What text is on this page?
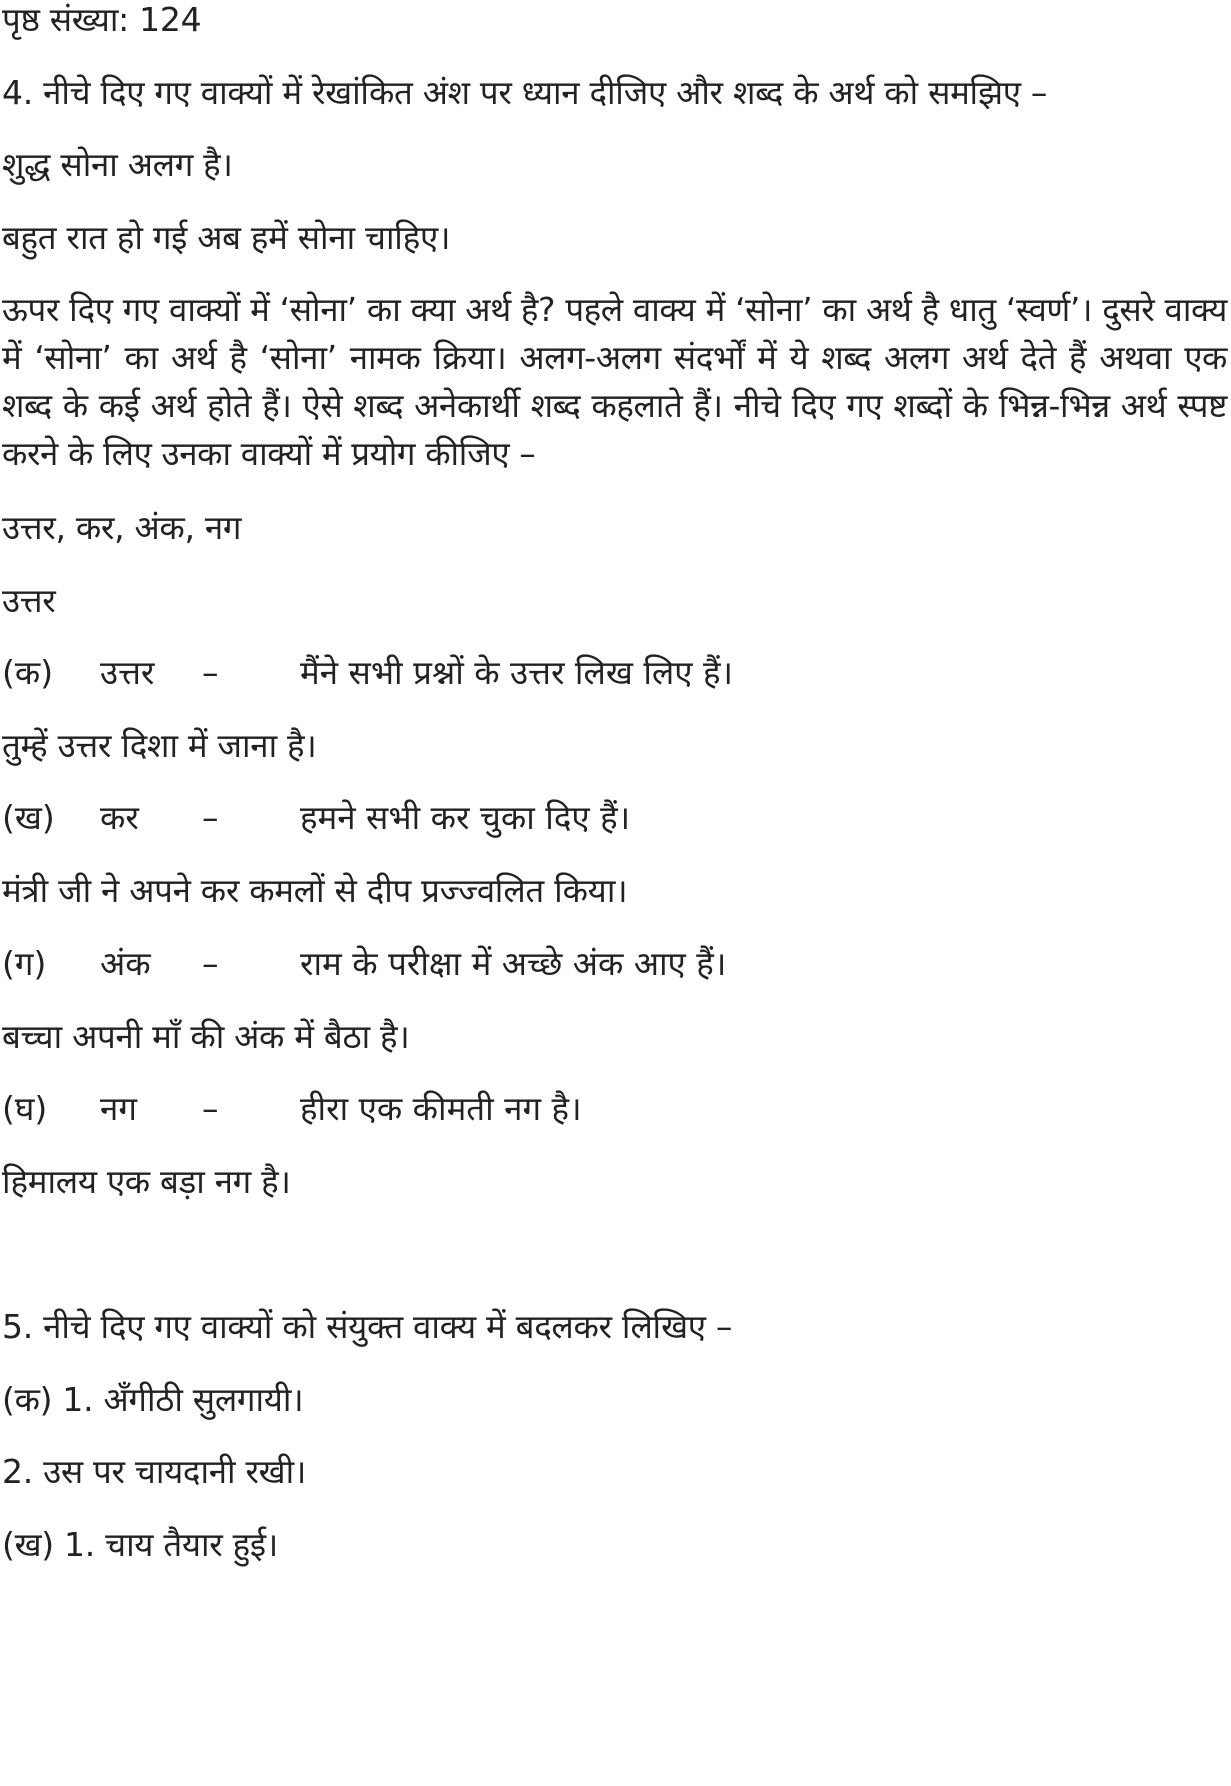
पृष्ठ संख्या: 124

4. नीचे दिए गए वाक्यों में रेखांकित अंश पर ध्यान दीजिए और शब्द के अर्थ को समझिए –

शुद्ध सोना अलग है।

बहुत रात हो गई अब हमें सोना चाहिए।

ऊपर दिए गए वाक्यों में ‘सोना’ का क्या अर्थ है? पहले वाक्य में ‘सोना’ का अर्थ है धातु ‘स्वर्ण’। दुसरे वाक्य में ‘सोना’ का अर्थ है ‘सोना’ नामक क्रिया। अलग-अलग संदर्भों में ये शब्द अलग अर्थ देते हैं अथवा एक शब्द के कई अर्थ होते हैं। ऐसे शब्द अनेकार्थी शब्द कहलाते हैं। नीचे दिए गए शब्दों के भिन्न-भिन्न अर्थ स्पष्ट करने के लिए उनका वाक्यों में प्रयोग कीजिए –

उत्तर, कर, अंक, नग

उत्तर

(क) उत्तर – मैंने सभी प्रश्नों के उत्तर लिख लिए हैं।

तुम्हें उत्तर दिशा में जाना है।

(ख) कर – हमने सभी कर चुका दिए हैं।

मंत्री जी ने अपने कर कमलों से दीप प्रज्ज्वलित किया।

(ग) अंक – राम के परीक्षा में अच्छे अंक आए हैं।

बच्चा अपनी माँ की अंक में बैठा है।

(घ) नग – हीरा एक कीमती नग है।

हिमालय एक बड़ा नग है।

5. नीचे दिए गए वाक्यों को संयुक्त वाक्य में बदलकर लिखिए –

(क) 1. अँगीठी सुलगायी।

2. उस पर चायदानी रखी।

(ख) 1. चाय तैयार हुई।
